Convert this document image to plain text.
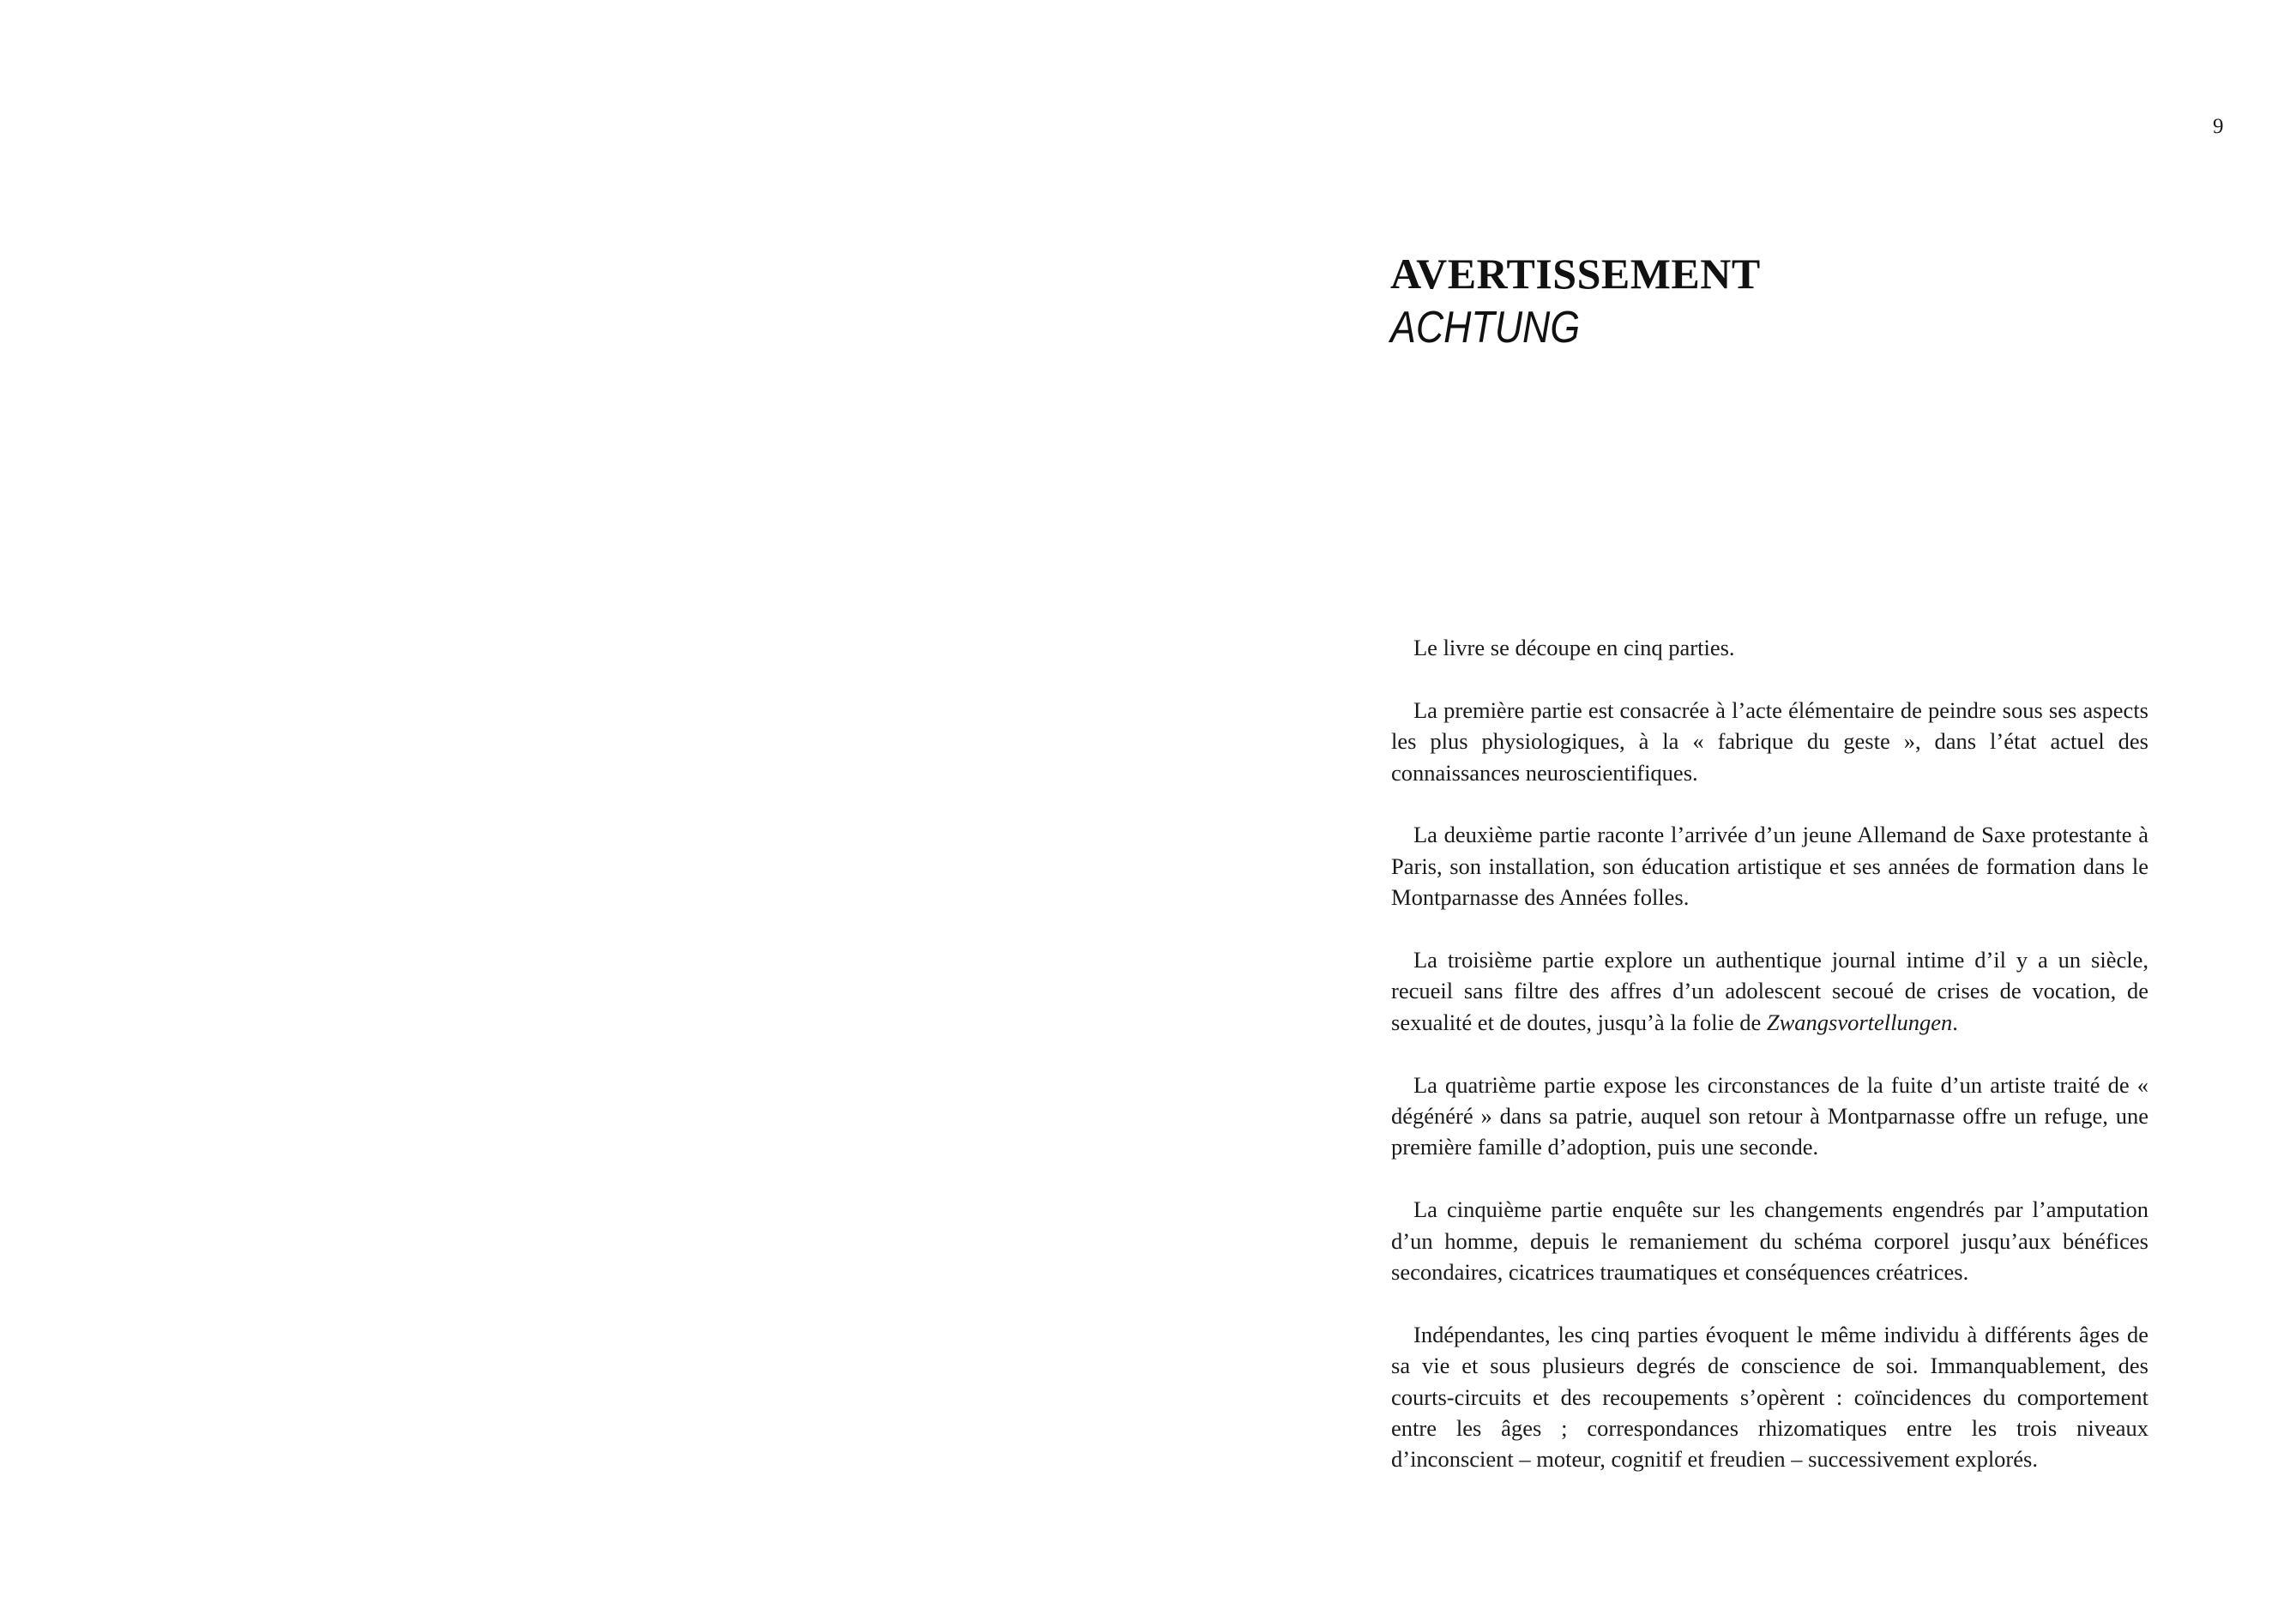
9
AVERTISSEMENT
ACHTUNG

Le livre se découpe en cinq parties.

La première partie est consacrée à l’acte élémentaire de peindre sous ses aspects les plus physiologiques, à la « fabrique du geste », dans l’état actuel des connaissances neuroscientifiques.

La deuxième partie raconte l’arrivée d’un jeune Allemand de Saxe protestante à Paris, son installation, son éducation artistique et ses années de formation dans le Montparnasse des Années folles.

La troisième partie explore un authentique journal intime d’il y a un siècle, recueil sans filtre des affres d’un adolescent secoué de crises de vocation, de sexualité et de doutes, jusqu’à la folie de Zwangsvortellungen.

La quatrième partie expose les circonstances de la fuite d’un artiste traité de « dégénéré » dans sa patrie, auquel son retour à Montparnasse offre un refuge, une première famille d’adoption, puis une seconde.

La cinquième partie enquête sur les changements engendrés par l’amputation d’un homme, depuis le remaniement du schéma corporel jusqu’aux bénéfices secondaires, cicatrices traumatiques et conséquences créatrices.

Indépendantes, les cinq parties évoquent le même individu à différents âges de sa vie et sous plusieurs degrés de conscience de soi. Immanquablement, des courts-circuits et des recoupements s’opèrent : coïncidences du comportement entre les âges ; correspondances rhizomatiques entre les trois niveaux d’inconscient – moteur, cognitif et freudien – successivement explorés.
